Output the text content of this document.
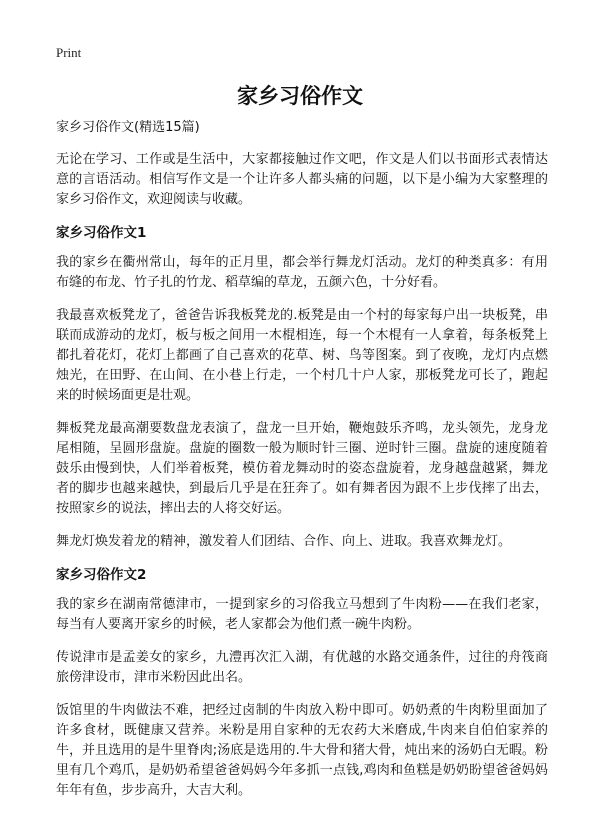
Print
家乡习俗作文

家乡习俗作文(精选15篇)

无论在学习、工作或是生活中，大家都接触过作文吧，作文是人们以书面形式表情达意的言语活动。相信写作文是一个让许多人都头痛的问题，以下是小编为大家整理的家乡习俗作文，欢迎阅读与收藏。

家乡习俗作文1

我的家乡在衢州常山，每年的正月里，都会举行舞龙灯活动。龙灯的种类真多：有用布缝的布龙、竹子扎的竹龙、稻草编的草龙，五颜六色，十分好看。

我最喜欢板凳龙了，爸爸告诉我板凳龙的.板凳是由一个村的每家每户出一块板凳，串联而成游动的龙灯，板与板之间用一木棍相连，每一个木棍有一人拿着，每条板凳上都扎着花灯，花灯上都画了自己喜欢的花草、树、鸟等图案。到了夜晚，龙灯内点燃烛光，在田野、在山间、在小巷上行走，一个村几十户人家，那板凳龙可长了，跑起来的时候场面更是壮观。

舞板凳龙最高潮要数盘龙表演了，盘龙一旦开始，鞭炮鼓乐齐鸣，龙头领先，龙身龙尾相随，呈圆形盘旋。盘旋的圈数一般为顺时针三圈、逆时针三圈。盘旋的速度随着鼓乐由慢到快，人们举着板凳，模仿着龙舞动时的姿态盘旋着，龙身越盘越紧，舞龙者的脚步也越来越快，到最后几乎是在狂奔了。如有舞者因为跟不上步伐摔了出去，按照家乡的说法，摔出去的人将交好运。

舞龙灯焕发着龙的精神，激发着人们团结、合作、向上、进取。我喜欢舞龙灯。

家乡习俗作文2

我的家乡在湖南常德津市，一提到家乡的习俗我立马想到了牛肉粉——在我们老家，每当有人要离开家乡的时候，老人家都会为他们煮一碗牛肉粉。

传说津市是孟姜女的家乡，九澧再次汇入湖，有优越的水路交通条件，过往的舟筏商旅傍津设市，津市米粉因此出名。

饭馆里的牛肉做法不难，把经过卤制的牛肉放入粉中即可。奶奶煮的牛肉粉里面加了许多食材，既健康又营养。米粉是用自家种的无农药大米磨成,牛肉来自伯伯家养的牛，并且选用的是牛里脊肉;汤底是选用的.牛大骨和猪大骨，炖出来的汤奶白无暇。粉里有几个鸡爪，是奶奶希望爸爸妈妈今年多抓一点钱,鸡肉和鱼糕是奶奶盼望爸爸妈妈年年有鱼，步步高升，大吉大利。
